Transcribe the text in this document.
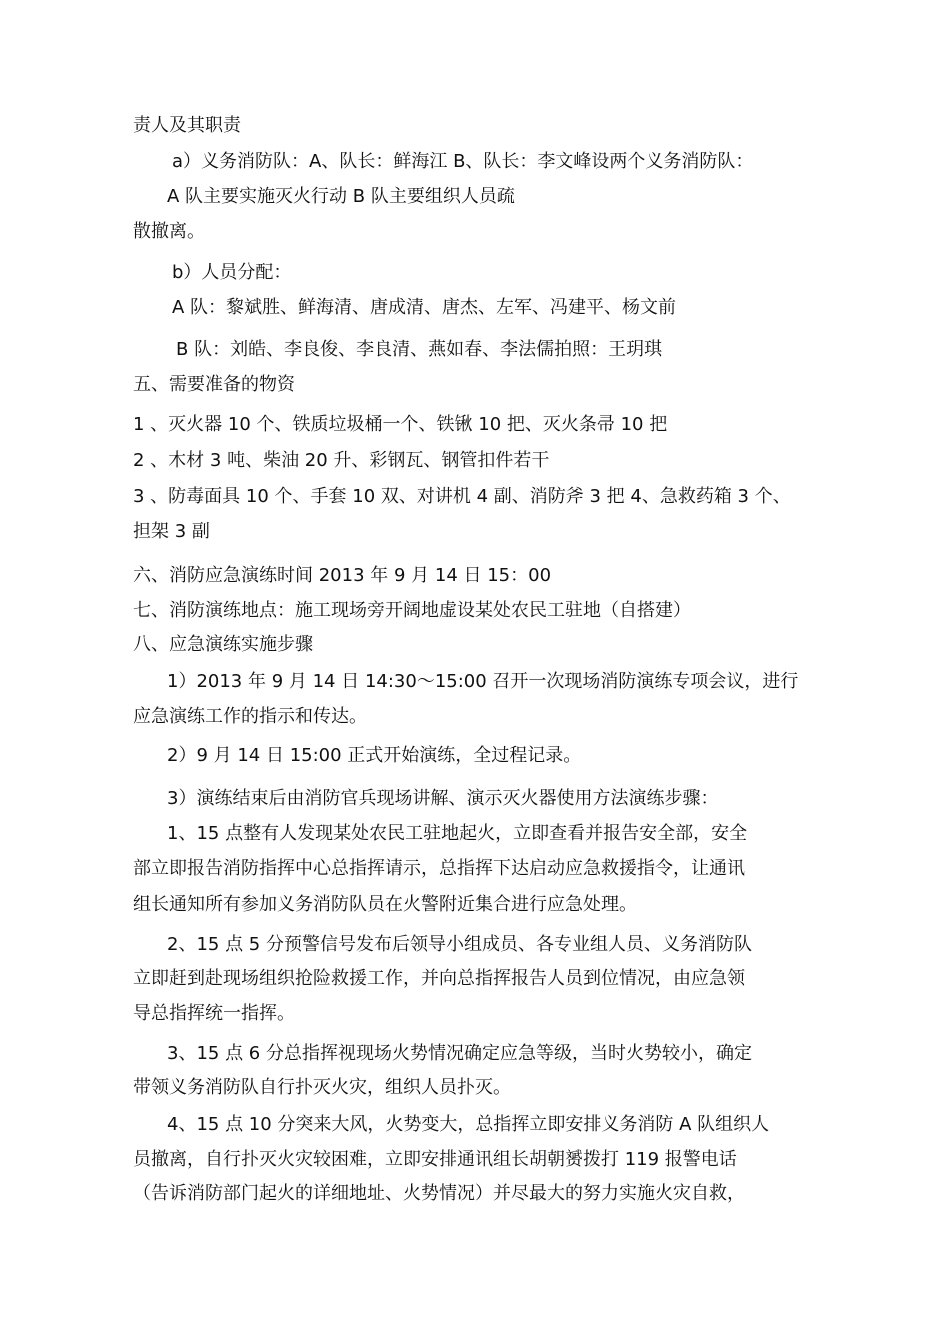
责人及其职责
a）义务消防队：A、队长：鲜海江 B、队长：李文峰设两个义务消防队：
A 队主要实施灭火行动 B 队主要组织人员疏
散撤离。
b）人员分配：
A 队：黎斌胜、鲜海清、唐成清、唐杰、左军、冯建平、杨文前
B 队：刘皓、李良俊、李良清、燕如春、李法儒拍照：王玥琪
五、需要准备的物资
1 、灭火器 10 个、铁质垃圾桶一个、铁锹 10 把、灭火条帚 10 把
2 、木材 3 吨、柴油 20 升、彩钢瓦、钢管扣件若干
3 、防毒面具 10 个、手套 10 双、对讲机 4 副、消防斧 3 把 4、急救药箱 3 个、
担架 3 副
六、消防应急演练时间 2013 年 9 月 14 日 15：00
七、消防演练地点：施工现场旁开阔地虚设某处农民工驻地（自搭建）
八、应急演练实施步骤
1）2013 年 9 月 14 日 14:30〜15:00 召开一次现场消防演练专项会议，进行
应急演练工作的指示和传达。
2）9 月 14 日 15:00 正式开始演练，全过程记录。
3）演练结束后由消防官兵现场讲解、演示灭火器使用方法演练步骤：
1、15 点整有人发现某处农民工驻地起火，立即查看并报告安全部，安全
部立即报告消防指挥中心总指挥请示，总指挥下达启动应急救援指令，让通讯
组长通知所有参加义务消防队员在火警附近集合进行应急处理。
2、15 点 5 分预警信号发布后领导小组成员、各专业组人员、义务消防队
立即赶到赴现场组织抢险救援工作，并向总指挥报告人员到位情况，由应急领
导总指挥统一指挥。
3、15 点 6 分总指挥视现场火势情况确定应急等级，当时火势较小，确定
带领义务消防队自行扑灭火灾，组织人员扑灭。
4、15 点 10 分突来大风，火势变大，总指挥立即安排义务消防 A 队组织人
员撤离，自行扑灭火灾较困难，立即安排通讯组长胡朝赟拨打 119 报警电话
（告诉消防部门起火的详细地址、火势情况）并尽最大的努力实施火灾自救，
